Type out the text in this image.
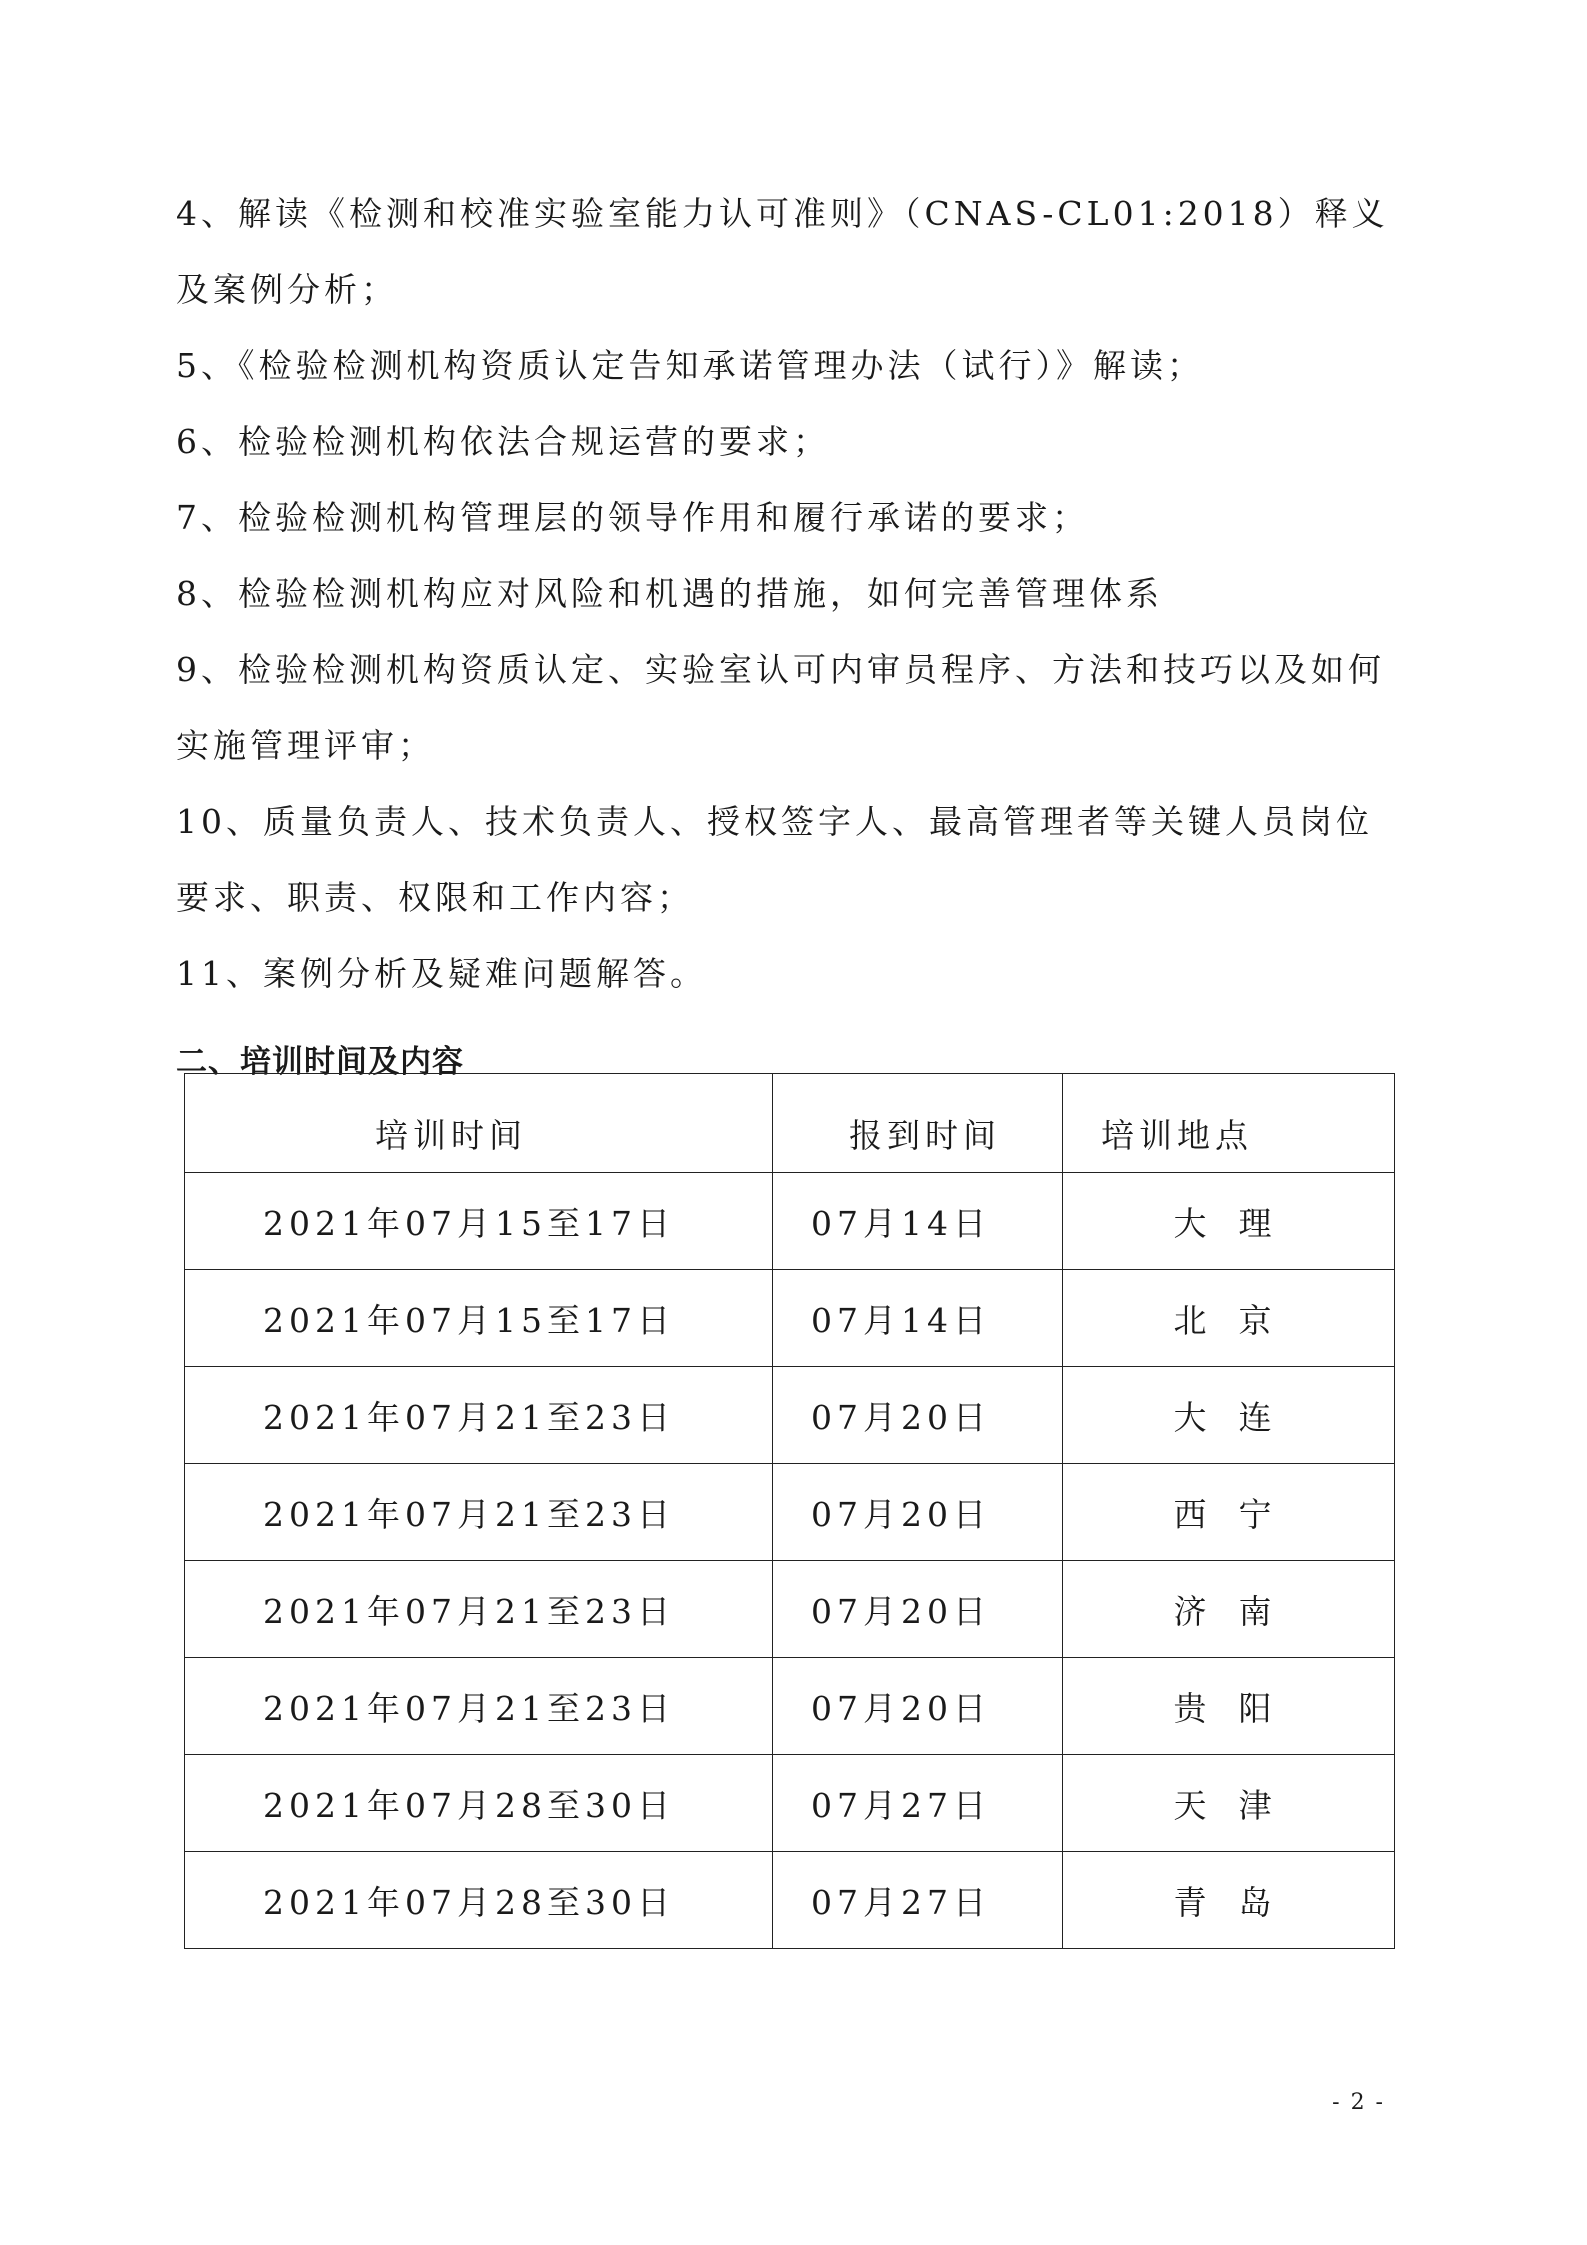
4、解读《检测和校准实验室能力认可准则》（CNAS-CL01:2018）释义及案例分析；

5、《检验检测机构资质认定告知承诺管理办法（试行）》解读；

6、检验检测机构依法合规运营的要求；

7、检验检测机构管理层的领导作用和履行承诺的要求；

8、检验检测机构应对风险和机遇的措施，如何完善管理体系

9、检验检测机构资质认定、实验室认可内审员程序、方法和技巧以及如何实施管理评审；

10、质量负责人、技术负责人、授权签字人、最高管理者等关键人员岗位要求、职责、权限和工作内容；

11、案例分析及疑难问题解答。

二、培训时间及内容
培训时间	报到时间	培训地点
2021年07月15至17日	07月14日	大理
2021年07月15至17日	07月14日	北京
2021年07月21至23日	07月20日	大连
2021年07月21至23日	07月20日	西宁
2021年07月21至23日	07月20日	济南
2021年07月21至23日	07月20日	贵阳
2021年07月28至30日	07月27日	天津
2021年07月28至30日	07月27日	青岛
- 2 -
